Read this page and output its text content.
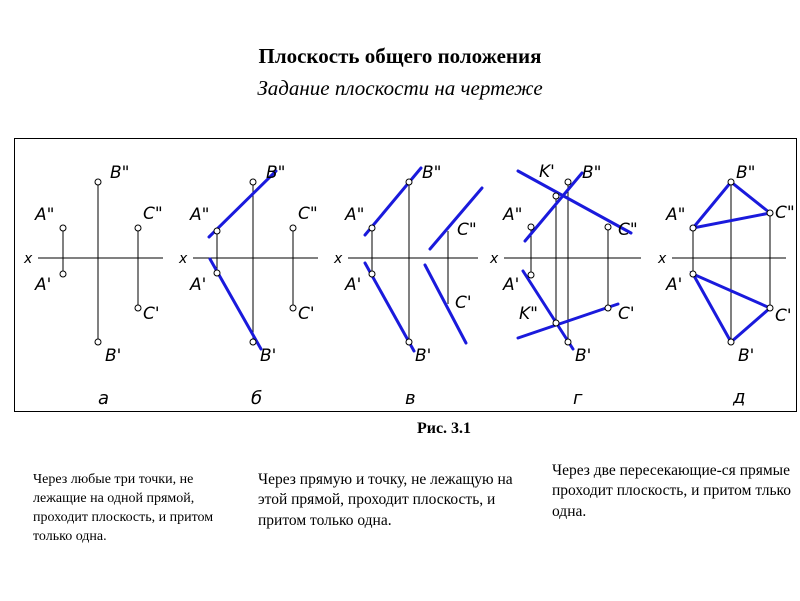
Плоскость общего положения
Задание плоскости на чертеже
x	x	x	x	x
A"
A'
B"
B'
C"
C'
а
A"
A'
B"
B'
C"
C'
б
A"
A'
B"
B'
C"
C'
в
A"
A'
K'
K"
B"
B'
C"
C'
г
A"
A'
B"
B'
C"
C'
д
Рис. 3.1
Через любые три точки, не лежащие на одной прямой, проходит плоскость, и притом только одна.
Через прямую и точку, не лежащую на этой прямой, проходит плоскость, и притом только одна.
Через две пересекающие-ся прямые проходит плоскость, и притом тлько одна.
